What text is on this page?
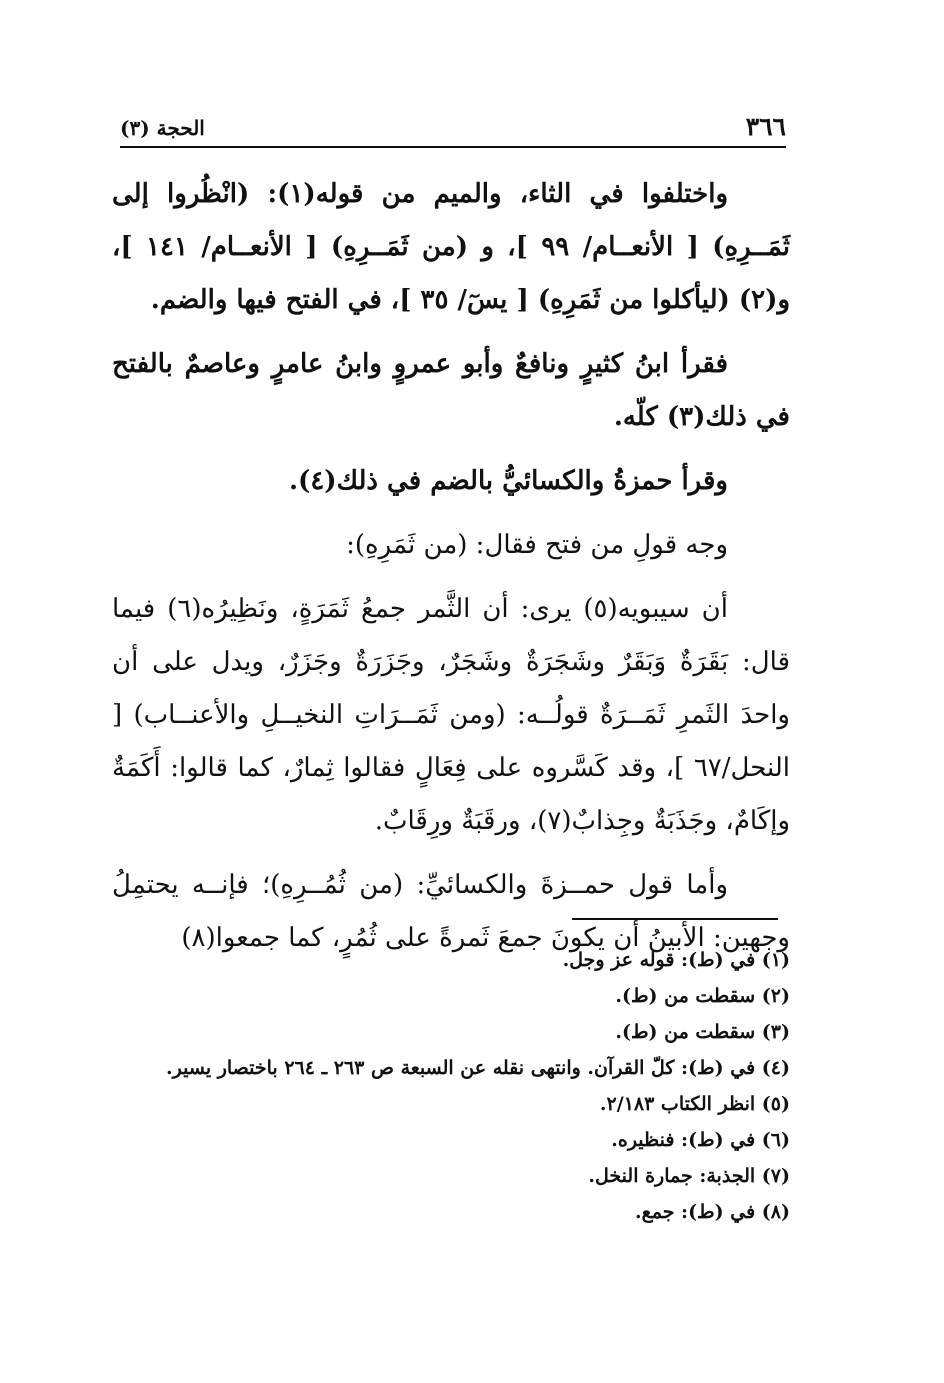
٣٦٦
الحجة (٣)

واختلفوا في الثاء، والميم من قوله(١): (انْظُروا إلى ثَمَــرِهِ) [ الأنعــام/ ٩٩ ]، و (من ثَمَــرِهِ) [ الأنعــام/ ١٤١ ]، و(٢) (ليأكلوا من ثَمَرِهِ) [ يسٓ/ ٣٥ ]، في الفتح فيها والضم.

فقرأ ابنُ كثيرٍ ونافعٌ وأبو عمروٍ وابنُ عامرٍ وعاصمٌ بالفتح في ذلك(٣) كلّه.

وقرأ حمزةُ والكسائيُّ بالضم في ذلك(٤).

وجه قولِ من فتح فقال: (من ثَمَرِهِ):

أن سيبويه(٥) يرى: أن الثَّمر جمعُ ثَمَرَةٍ، ونَظِيرُه(٦) فيما قال: بَقَرَةٌ وَبَقَرٌ وشَجَرَةٌ وشَجَرٌ، وجَزَرَةٌ وجَزَرٌ، ويدل على أن واحدَ الثَمرِ ثَمَــرَةٌ قولُــه: (ومن ثَمَــرَاتِ النخيــلِ والأعنــاب) [ النحل/٦٧ ]، وقد كَسَّروه على فِعَالٍ فقالوا ثِمارٌ، كما قالوا: أَكَمَةٌ وإكَامٌ، وجَذَبَةٌ وجِذابٌ(٧)، ورقَبَةٌ ورِقَابٌ.

وأما قول حمــزةَ والكسائيِّ: (من ثُمُــرِهِ)؛ فإنــه يحتمِلُ وجهين: الأبينُ أن يكونَ جمعَ ثَمرةً على ثُمُرٍ، كما جمعوا(٨)

(١) في (ط): قوله عز وجل.

(٢) سقطت من (ط).

(٣) سقطت من (ط).

(٤) في (ط): كلّ القرآن. وانتهى نقله عن السبعة ص ٢٦٣ ـ ٢٦٤ باختصار يسير.

(٥) انظر الكتاب ٢/١٨٣.

(٦) في (ط): فنظيره.

(٧) الجذبة: جمارة النخل.

(٨) في (ط): جمع.
